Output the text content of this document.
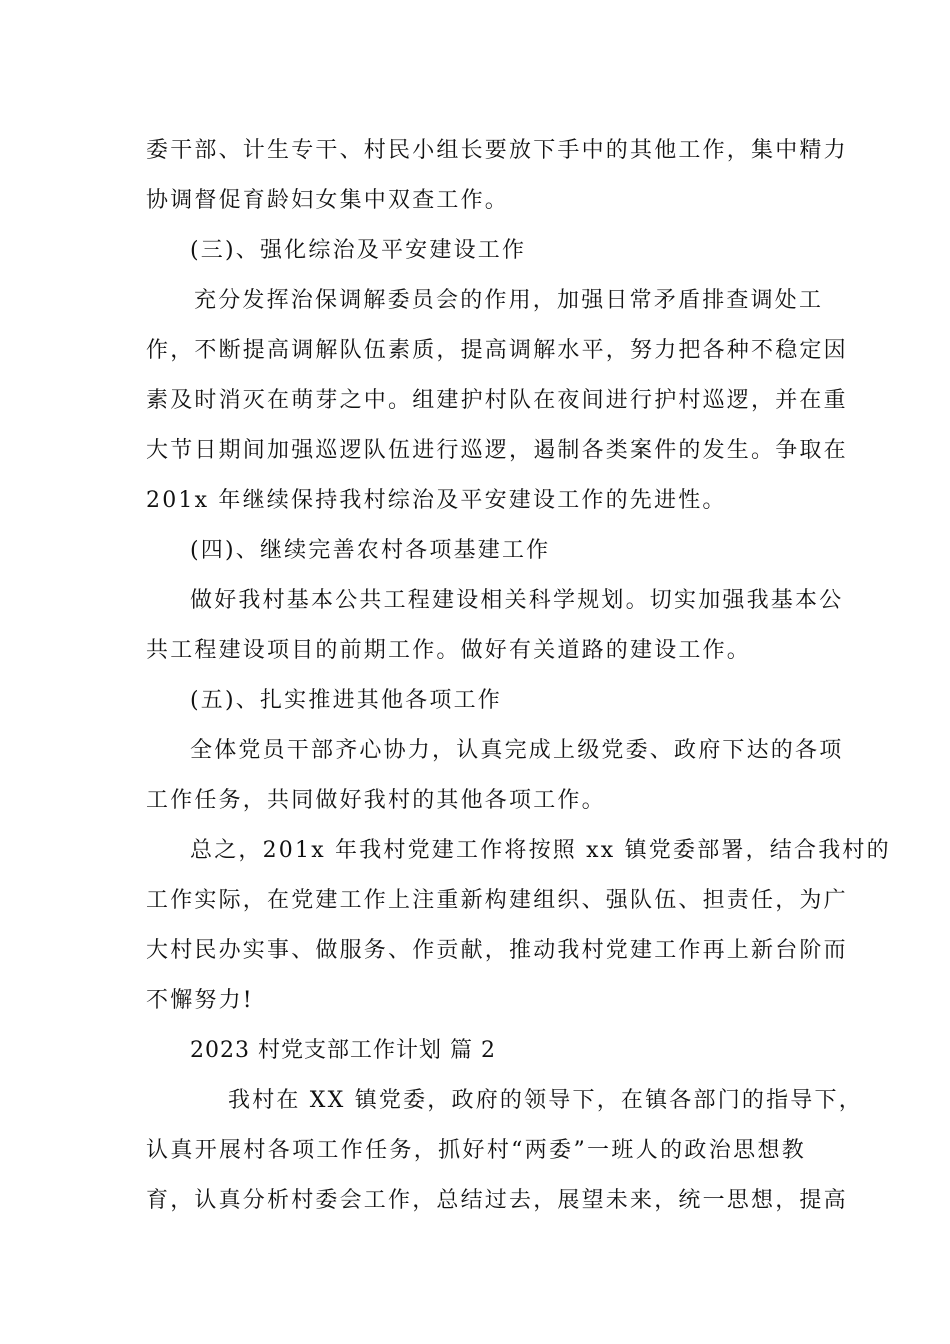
委干部、计生专干、村民小组长要放下手中的其他工作，集中精力
协调督促育龄妇女集中双查工作。
(三)、强化综治及平安建设工作
充分发挥治保调解委员会的作用，加强日常矛盾排查调处工
作，不断提高调解队伍素质，提高调解水平，努力把各种不稳定因
素及时消灭在萌芽之中。组建护村队在夜间进行护村巡逻，并在重
大节日期间加强巡逻队伍进行巡逻，遏制各类案件的发生。争取在
201x 年继续保持我村综治及平安建设工作的先进性。
(四)、继续完善农村各项基建工作
做好我村基本公共工程建设相关科学规划。切实加强我基本公
共工程建设项目的前期工作。做好有关道路的建设工作。
(五)、扎实推进其他各项工作
全体党员干部齐心协力，认真完成上级党委、政府下达的各项
工作任务，共同做好我村的其他各项工作。
总之，201x 年我村党建工作将按照 xx 镇党委部署，结合我村的
工作实际，在党建工作上注重新构建组织、强队伍、担责任，为广
大村民办实事、做服务、作贡献，推动我村党建工作再上新台阶而
不懈努力!
2023 村党支部工作计划 篇 2
我村在 XX 镇党委，政府的领导下，在镇各部门的指导下，
认真开展村各项工作任务，抓好村“两委”一班人的政治思想教
育，认真分析村委会工作，总结过去，展望未来，统一思想，提高
